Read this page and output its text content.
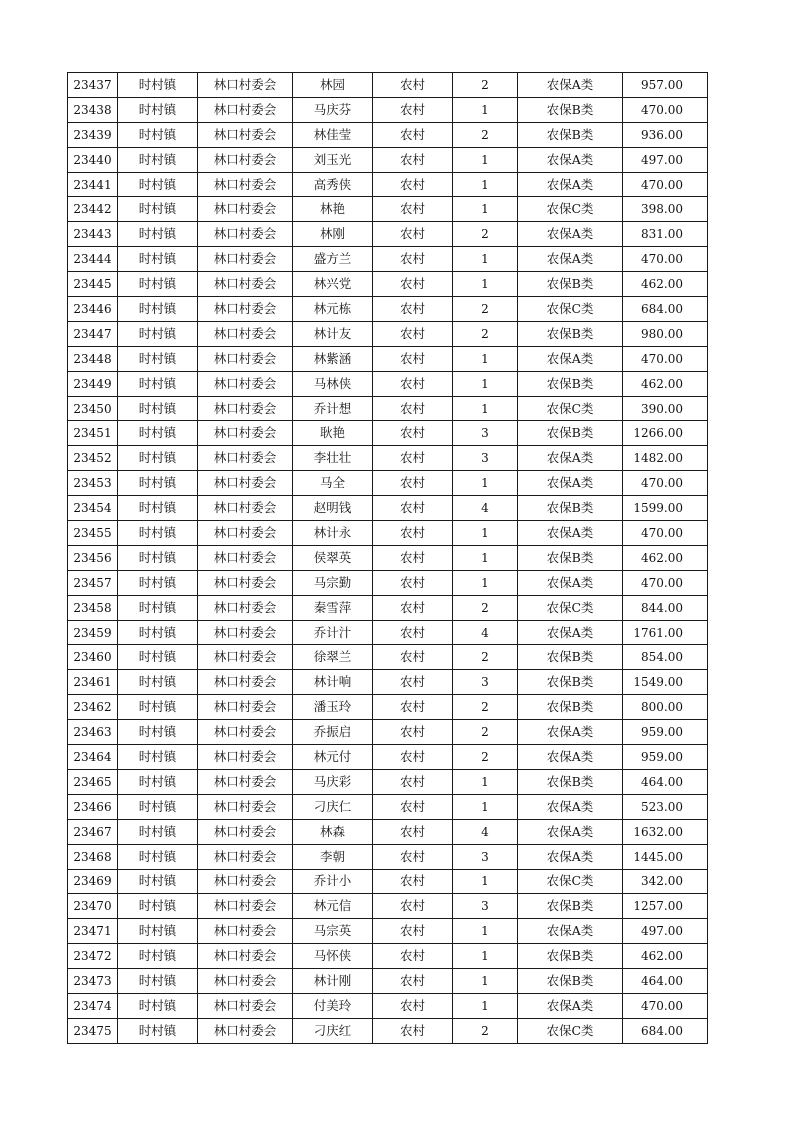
23437	时村镇	林口村委会	林园	农村	2	农保A类	957.00
23438	时村镇	林口村委会	马庆芬	农村	1	农保B类	470.00
23439	时村镇	林口村委会	林佳莹	农村	2	农保B类	936.00
23440	时村镇	林口村委会	刘玉光	农村	1	农保A类	497.00
23441	时村镇	林口村委会	高秀侠	农村	1	农保A类	470.00
23442	时村镇	林口村委会	林艳	农村	1	农保C类	398.00
23443	时村镇	林口村委会	林刚	农村	2	农保A类	831.00
23444	时村镇	林口村委会	盛方兰	农村	1	农保A类	470.00
23445	时村镇	林口村委会	林兴党	农村	1	农保B类	462.00
23446	时村镇	林口村委会	林元栋	农村	2	农保C类	684.00
23447	时村镇	林口村委会	林计友	农村	2	农保B类	980.00
23448	时村镇	林口村委会	林紫涵	农村	1	农保A类	470.00
23449	时村镇	林口村委会	马林侠	农村	1	农保B类	462.00
23450	时村镇	林口村委会	乔计想	农村	1	农保C类	390.00
23451	时村镇	林口村委会	耿艳	农村	3	农保B类	1266.00
23452	时村镇	林口村委会	李壮壮	农村	3	农保A类	1482.00
23453	时村镇	林口村委会	马全	农村	1	农保A类	470.00
23454	时村镇	林口村委会	赵明钱	农村	4	农保B类	1599.00
23455	时村镇	林口村委会	林计永	农村	1	农保A类	470.00
23456	时村镇	林口村委会	侯翠英	农村	1	农保B类	462.00
23457	时村镇	林口村委会	马宗勤	农村	1	农保A类	470.00
23458	时村镇	林口村委会	秦雪萍	农村	2	农保C类	844.00
23459	时村镇	林口村委会	乔计汁	农村	4	农保A类	1761.00
23460	时村镇	林口村委会	徐翠兰	农村	2	农保B类	854.00
23461	时村镇	林口村委会	林计响	农村	3	农保B类	1549.00
23462	时村镇	林口村委会	潘玉玲	农村	2	农保B类	800.00
23463	时村镇	林口村委会	乔振启	农村	2	农保A类	959.00
23464	时村镇	林口村委会	林元付	农村	2	农保A类	959.00
23465	时村镇	林口村委会	马庆彩	农村	1	农保B类	464.00
23466	时村镇	林口村委会	刁庆仁	农村	1	农保A类	523.00
23467	时村镇	林口村委会	林森	农村	4	农保A类	1632.00
23468	时村镇	林口村委会	李朝	农村	3	农保A类	1445.00
23469	时村镇	林口村委会	乔计小	农村	1	农保C类	342.00
23470	时村镇	林口村委会	林元信	农村	3	农保B类	1257.00
23471	时村镇	林口村委会	马宗英	农村	1	农保A类	497.00
23472	时村镇	林口村委会	马怀侠	农村	1	农保B类	462.00
23473	时村镇	林口村委会	林计刚	农村	1	农保B类	464.00
23474	时村镇	林口村委会	付美玲	农村	1	农保A类	470.00
23475	时村镇	林口村委会	刁庆红	农村	2	农保C类	684.00
